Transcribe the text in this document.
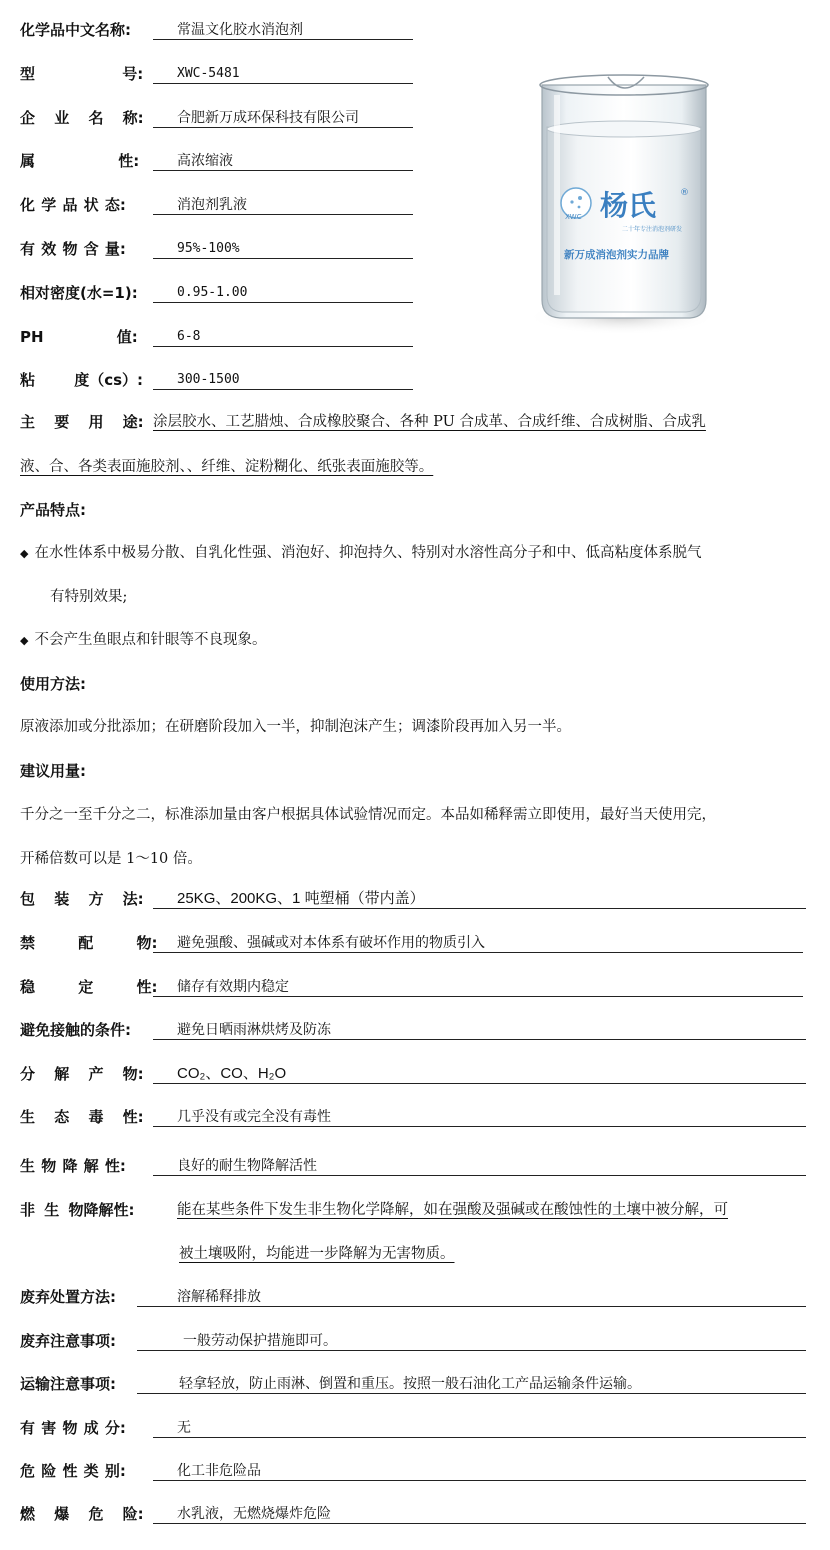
化学品中文名称:	常温文化胶水消泡剂
型 号:	XWC-5481
企 业 名 称:	合肥新万成环保科技有限公司
属 性:	高浓缩液
化 学 品 状 态:	消泡剂乳液
有 效 物 含 量:	95%-100%
相对密度(水=1):	0.95-1.00
PH 值:	6-8
粘 度（cs）:	300-1500
XWC 杨氏	®
二十年专注消泡剂研发
新万成消泡剂实力品牌
主 要 用 途: 涂层胶水、工艺腊烛、合成橡胶聚合、各种 PU 合成革、合成纤维、合成树脂、合成乳
液、合、各类表面施胶剂、、纤维、淀粉糊化、纸张表面施胶等。
产品特点:
◆ 在水性体系中极易分散、自乳化性强、消泡好、抑泡持久、特别对水溶性高分子和中、低高粘度体系脱气
有特别效果;
◆ 不会产生鱼眼点和针眼等不良现象。
使用方法:
原液添加或分批添加；在研磨阶段加入一半，抑制泡沫产生；调漆阶段再加入另一半。
建议用量:
千分之一至千分之二，标准添加量由客户根据具体试验情况而定。本品如稀释需立即使用，最好当天使用完，
开稀倍数可以是 1～10 倍。
包 装 方 法:	25KG、200KG、1 吨塑桶（带内盖）
禁 配 物:	避免强酸、强碱或对本体系有破坏作用的物质引入
稳 定 性:	储存有效期内稳定
避免接触的条件:	避免日晒雨淋烘烤及防冻
分 解 产 物:	CO₂、CO、H₂O
生 态 毒 性:	几乎没有或完全没有毒性
生 物 降 解 性:	良好的耐生物降解活性
非 生 物降解性:	能在某些条件下发生非生物化学降解，如在强酸及强碱或在酸蚀性的土壤中被分解，可
被土壤吸附，均能进一步降解为无害物质。
废弃处置方法:	溶解稀释排放
废弃注意事项:	一般劳动保护措施即可。
运输注意事项:	轻拿轻放，防止雨淋、倒置和重压。按照一般石油化工产品运输条件运输。
有 害 物 成 分:	无
危 险 性 类 别:	化工非危险品
燃 爆 危 险:	水乳液，无燃烧爆炸危险
